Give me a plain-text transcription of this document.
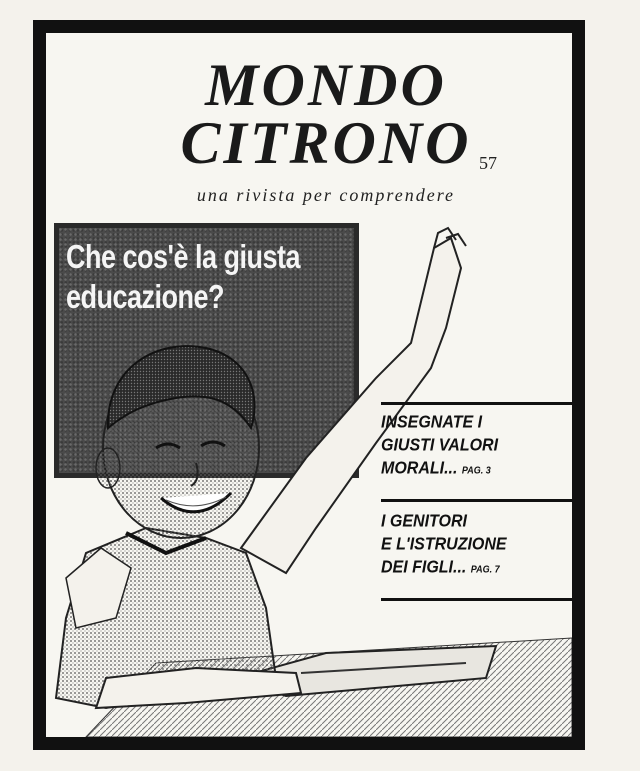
MONDO
CITRONO 57
una rivista per comprendere
Che cos'è la giusta
educazione?
INSEGNATE I
GIUSTI VALORI
MORALI... PAG. 3
I GENITORI
E L'ISTRUZIONE
DEI FIGLI... PAG. 7
